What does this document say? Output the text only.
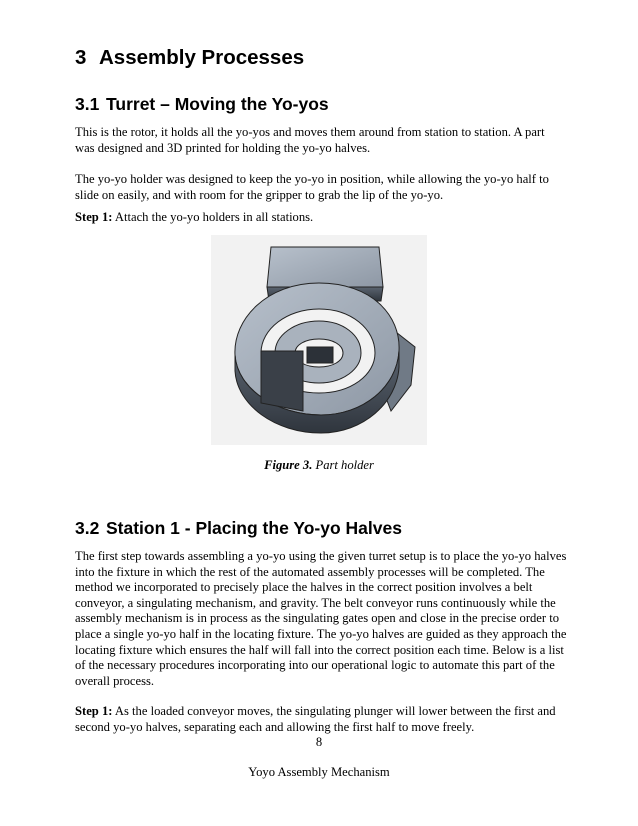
3 Assembly Processes
3.1 Turret – Moving the Yo-yos
This is the rotor, it holds all the yo-yos and moves them around from station to station. A part was designed and 3D printed for holding the yo-yo halves.
The yo-yo holder was designed to keep the yo-yo in position, while allowing the yo-yo half to slide on easily, and with room for the gripper to grab the lip of the yo-yo.
Step 1: Attach the yo-yo holders in all stations.
Figure 3. Part holder
3.2 Station 1 - Placing the Yo-yo Halves
The first step towards assembling a yo-yo using the given turret setup is to place the yo-yo halves into the fixture in which the rest of the automated assembly processes will be completed. The method we incorporated to precisely place the halves in the correct position involves a belt conveyor, a singulating mechanism, and gravity. The belt conveyor runs continuously while the assembly mechanism is in process as the singulating gates open and close in the precise order to place a single yo-yo half in the locating fixture. The yo-yo halves are guided as they approach the locating fixture which ensures the half will fall into the correct position each time. Below is a list of the necessary procedures incorporating into our operational logic to automate this part of the overall process.
Step 1: As the loaded conveyor moves, the singulating plunger will lower between the first and second yo-yo halves, separating each and allowing the first half to move freely.
8
Yoyo Assembly Mechanism
